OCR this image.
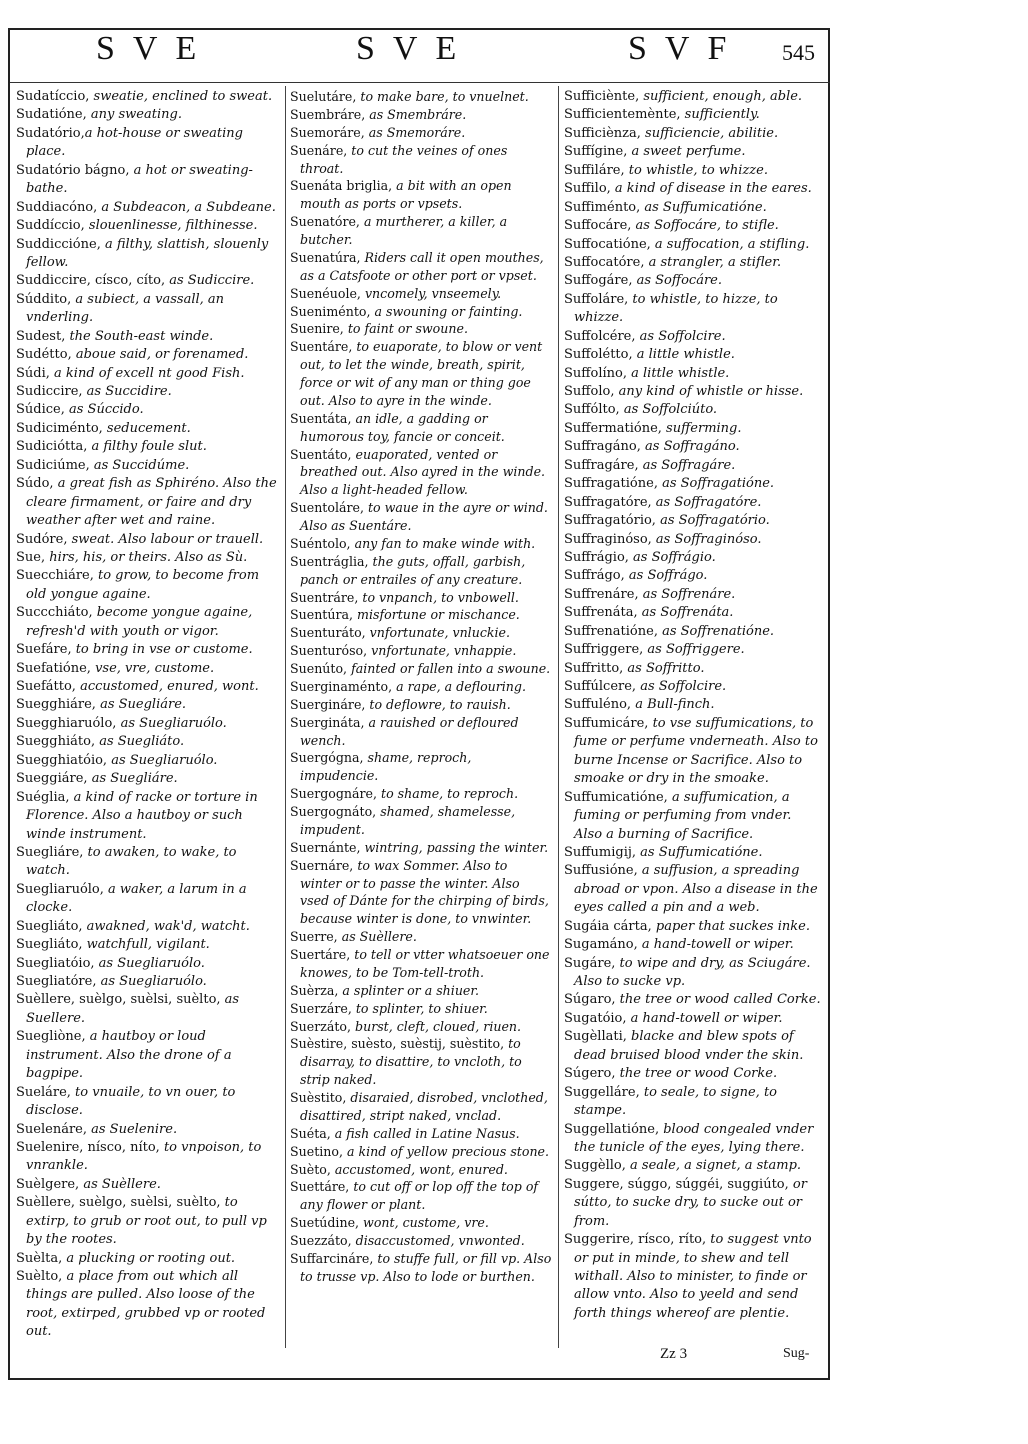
SVE	SVE	SVF 545

Sudatíccio, sweatie, enclined to sweat.

Sudatióne, any sweating.

Sudatório,a hot-house or sweating place.

Sudatório bágno, a hot or sweating-bathe.

Suddiacóno, a Subdeacon, a Subdeane.

Suddíccio, slouenlinesse, filthinesse.

Suddiccióne, a filthy, slattish, slouenly fellow.

Suddiccire, císco, cíto, as Sudiccire.

Súddito, a subiect, a vassall, an vnderling.

Sudest, the South-east winde.

Sudétto, aboue said, or forenamed.

Súdi, a kind of excell nt good Fish.

Sudiccire, as Succidire.

Súdice, as Súccido.

Sudiciménto, seducement.

Sudiciótta, a filthy foule slut.

Sudiciúme, as Succidúme.

Súdo, a great fish as Sphiréno. Also the cleare firmament, or faire and dry weather after wet and raine.

Sudóre, sweat. Also labour or trauell.

Sue, hirs, his, or theirs. Also as Sù.

Suecchiáre, to grow, to become from old yongue againe.

Succchiáto, become yongue againe, refresh'd with youth or vigor.

Suefáre, to bring in vse or custome.

Suefatióne, vse, vre, custome.

Suefátto, accustomed, enured, wont.

Suegghiáre, as Suegliáre.

Suegghiaruólo, as Suegliaruólo.

Suegghiáto, as Suegliáto.

Suegghiatóio, as Suegliaruólo.

Sueggiáre, as Suegliáre.

Suéglia, a kind of racke or torture in Florence. Also a hautboy or such winde instrument.

Suegliáre, to awaken, to wake, to watch.

Suegliaruólo, a waker, a larum in a clocke.

Suegliáto, awakned, wak'd, watcht.

Suegliáto, watchfull, vigilant.

Suegliatóio, as Suegliaruólo.

Suegliatóre, as Suegliaruólo.

Suèllere, suèlgo, suèlsi, suèlto, as Suellere.

Suegliòne, a hautboy or loud instrument. Also the drone of a bagpipe.

Sueláre, to vnuaile, to vn ouer, to disclose.

Suelenáre, as Suelenire.

Suelenire, nísco, níto, to vnpoison, to vnrankle.

Suèlgere, as Suèllere.

Suèllere, suèlgo, suèlsi, suèlto, to extirp, to grub or root out, to pull vp by the rootes.

Suèlta, a plucking or rooting out.

Suèlto, a place from out which all things are pulled. Also loose of the root, extirped, grubbed vp or rooted out.

Suelutáre, to make bare, to vnuelnet.

Suembráre, as Smembráre.

Suemoráre, as Smemoráre.

Suenáre, to cut the veines of ones throat.

Suenáta briglia, a bit with an open mouth as ports or vpsets.

Suenatóre, a murtherer, a killer, a butcher.

Suenatúra, Riders call it open mouthes, as a Catsfoote or other port or vpset.

Suenéuole, vncomely, vnseemely.

Sueniménto, a swouning or fainting.

Suenire, to faint or swoune.

Suentáre, to euaporate, to blow or vent out, to let the winde, breath, spirit, force or wit of any man or thing goe out. Also to ayre in the winde.

Suentáta, an idle, a gadding or humorous toy, fancie or conceit.

Suentáto, euaporated, vented or breathed out. Also ayred in the winde. Also a light-headed fellow.

Suentoláre, to waue in the ayre or wind. Also as Suentáre.

Suéntolo, any fan to make winde with.

Suentráglia, the guts, offall, garbish, panch or entrailes of any creature.

Suentráre, to vnpanch, to vnbowell.

Suentúra, misfortune or mischance.

Suenturáto, vnfortunate, vnluckie.

Suenturóso, vnfortunate, vnhappie.

Suenúto, fainted or fallen into a swoune.

Suerginaménto, a rape, a deflouring.

Suergináre, to deflowre, to rauish.

Suergináta, a rauished or defloured wench.

Suergógna, shame, reproch, impudencie.

Suergognáre, to shame, to reproch.

Suergognáto, shamed, shamelesse, impudent.

Suernánte, wintring, passing the winter.

Suernáre, to wax Sommer. Also to winter or to passe the winter. Also vsed of Dánte for the chirping of birds, because winter is done, to vnwinter.

Suerre, as Suèllere.

Suertáre, to tell or vtter whatsoeuer one knowes, to be Tom-tell-troth.

Suèrza, a splinter or a shiuer.

Suerzáre, to splinter, to shiuer.

Suerzáto, burst, cleft, cloued, riuen.

Suèstire, suèsto, suèstij, suèstito, to disarray, to disattire, to vncloth, to strip naked.

Suèstito, disaraied, disrobed, vnclothed, disattired, stript naked, vnclad.

Suéta, a fish called in Latine Nasus.

Suetino, a kind of yellow precious stone.

Suèto, accustomed, wont, enured.

Suettáre, to cut off or lop off the top of any flower or plant.

Suetúdine, wont, custome, vre.

Suezzáto, disaccustomed, vnwonted.

Suffarcináre, to stuffe full, or fill vp. Also to trusse vp. Also to lode or burthen.

Sufficiènte, sufficient, enough, able.

Sufficientemènte, sufficiently.

Sufficiènza, sufficiencie, abilitie.

Suffígine, a sweet perfume.

Suffiláre, to whistle, to whizze.

Suffilo, a kind of disease in the eares.

Suffiménto, as Suffumicatióne.

Suffocáre, as Soffocáre, to stifle.

Suffocatióne, a suffocation, a stifling.

Suffocatóre, a strangler, a stifler.

Suffogáre, as Soffocáre.

Suffoláre, to whistle, to hizze, to whizze.

Suffolcére, as Soffolcire.

Suffolétto, a little whistle.

Suffolíno, a little whistle.

Suffolo, any kind of whistle or hisse.

Suffólto, as Soffolciúto.

Suffermatióne, sufferming.

Suffragáno, as Soffragáno.

Suffragáre, as Soffragáre.

Suffragatióne, as Soffragatióne.

Suffragatóre, as Soffragatóre.

Suffragatório, as Soffragatório.

Suffraginóso, as Soffraginóso.

Suffrágio, as Soffrágio.

Suffrágo, as Soffrágo.

Suffrenáre, as Soffrenáre.

Suffrenáta, as Soffrenáta.

Suffrenatióne, as Soffrenatióne.

Suffriggere, as Soffriggere.

Suffritto, as Soffritto.

Suffúlcere, as Soffolcire.

Suffuléno, a Bull-finch.

Suffumicáre, to vse suffumications, to fume or perfume vnderneath. Also to burne Incense or Sacrifice. Also to smoake or dry in the smoake.

Suffumicatióne, a suffumication, a fuming or perfuming from vnder. Also a burning of Sacrifice.

Suffumigij, as Suffumicatióne.

Suffusióne, a suffusion, a spreading abroad or vpon. Also a disease in the eyes called a pin and a web.

Sugáia cárta, paper that suckes inke.

Sugamáno, a hand-towell or wiper.

Sugáre, to wipe and dry, as Sciugáre. Also to sucke vp.

Súgaro, the tree or wood called Corke.

Sugatóio, a hand-towell or wiper.

Sugèllati, blacke and blew spots of dead bruised blood vnder the skin.

Súgero, the tree or wood Corke.

Suggelláre, to seale, to signe, to stampe.

Suggellatióne, blood congealed vnder the tunicle of the eyes, lying there.

Suggèllo, a seale, a signet, a stamp.

Suggere, súggo, súggéi, suggiúto, or sútto, to sucke dry, to sucke out or from.

Suggerire, rísco, ríto, to suggest vnto or put in minde, to shew and tell withall. Also to minister, to finde or allow vnto. Also to yeeld and send forth things whereof are plentie.

Zz 3	Sug-
